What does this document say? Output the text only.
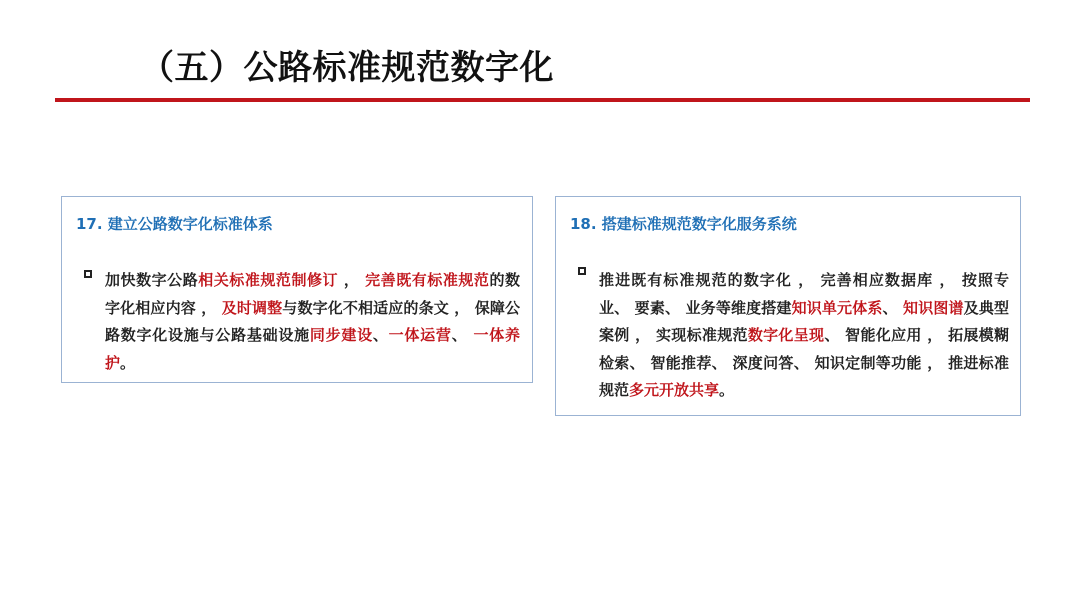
（五）公路标准规范数字化
17. 建立公路数字化标准体系
加快数字公路相关标准规范制修订 ， 完善既有标准规范的数字化相应内容 ， 及时调整与数字化不相适应的条文 ， 保障公路数字化设施与公路基础设施同步建设、一体运营、 一体养护。
18. 搭建标准规范数字化服务系统
推进既有标准规范的数字化 ， 完善相应数据库 ， 按照专业、 要素、 业务等维度搭建知识单元体系、 知识图谱及典型案例 ， 实现标准规范数字化呈现、 智能化应用 ， 拓展模糊检索、 智能推荐、 深度问答、 知识定制等功能 ， 推进标准规范多元开放共享。
